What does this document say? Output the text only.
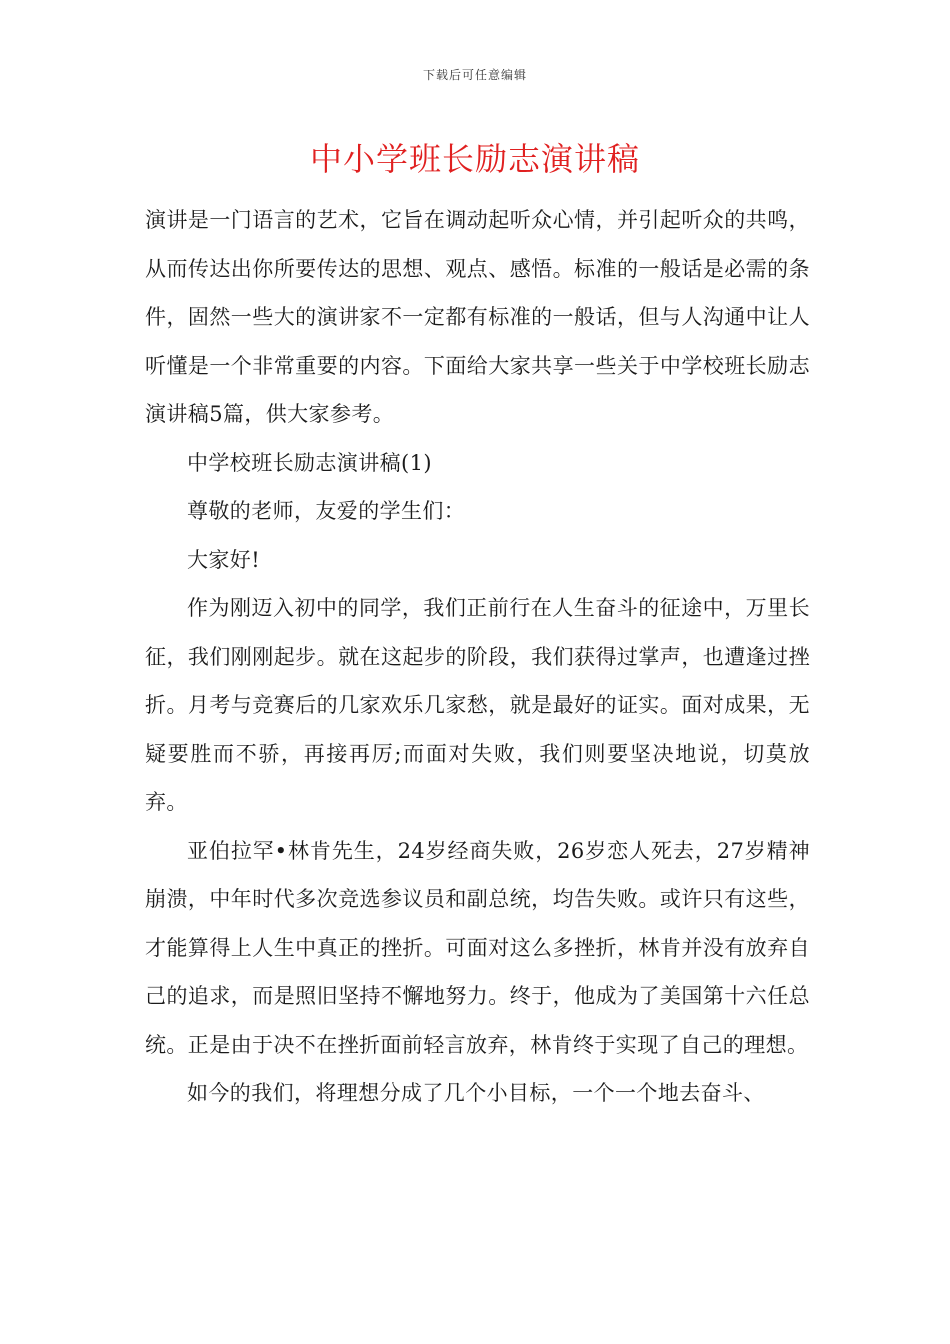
下载后可任意编辑
中小学班长励志演讲稿

演讲是一门语言的艺术，它旨在调动起听众心情，并引起听众的共鸣，从而传达出你所要传达的思想、观点、感悟。标准的一般话是必需的条件，固然一些大的演讲家不一定都有标准的一般话，但与人沟通中让人听懂是一个非常重要的内容。下面给大家共享一些关于中学校班长励志演讲稿5篇，供大家参考。

中学校班长励志演讲稿(1)

尊敬的老师，友爱的学生们：

大家好!

作为刚迈入初中的同学，我们正前行在人生奋斗的征途中，万里长征，我们刚刚起步。就在这起步的阶段，我们获得过掌声，也遭逢过挫折。月考与竞赛后的几家欢乐几家愁，就是最好的证实。面对成果，无疑要胜而不骄，再接再厉;而面对失败，我们则要坚决地说，切莫放弃。

亚伯拉罕•林肯先生，24岁经商失败，26岁恋人死去，27岁精神崩溃，中年时代多次竞选参议员和副总统，均告失败。或许只有这些，才能算得上人生中真正的挫折。可面对这么多挫折，林肯并没有放弃自己的追求，而是照旧坚持不懈地努力。终于，他成为了美国第十六任总统。正是由于决不在挫折面前轻言放弃，林肯终于实现了自己的理想。

如今的我们，将理想分成了几个小目标，一个一个地去奋斗、
